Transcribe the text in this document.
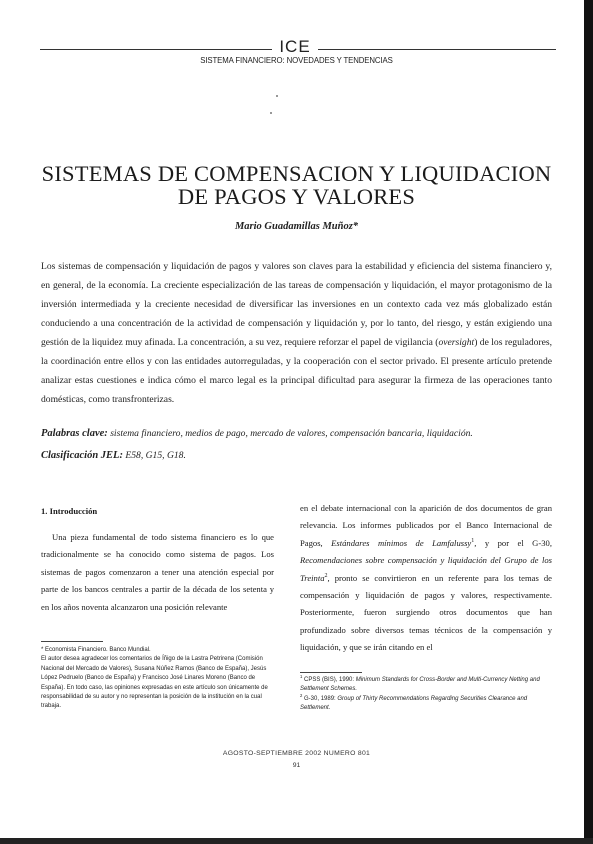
ICE
SISTEMA FINANCIERO: NOVEDADES Y TENDENCIAS
SISTEMAS DE COMPENSACION Y LIQUIDACION
DE PAGOS Y VALORES
Mario Guadamillas Muñoz*
Los sistemas de compensación y liquidación de pagos y valores son claves para la estabilidad y eficiencia del sistema financiero y, en general, de la economía. La creciente especialización de las tareas de compensación y liquidación, el mayor protagonismo de la inversión intermediada y la creciente necesidad de diversificar las inversiones en un contexto cada vez más globalizado están conduciendo a una concentración de la actividad de compensación y liquidación y, por lo tanto, del riesgo, y están exigiendo una gestión de la liquidez muy afinada. La concentración, a su vez, requiere reforzar el papel de vigilancia (oversight) de los reguladores, la coordinación entre ellos y con las entidades autorreguladas, y la cooperación con el sector privado. El presente artículo pretende analizar estas cuestiones e indica cómo el marco legal es la principal dificultad para asegurar la firmeza de las operaciones tanto domésticas, como transfronterizas.
Palabras clave: sistema financiero, medios de pago, mercado de valores, compensación bancaria, liquidación.
Clasificación JEL: E58, G15, G18.
1. Introducción

Una pieza fundamental de todo sistema financiero es lo que tradicionalmente se ha conocido como sistema de pagos. Los sistemas de pagos comenzaron a tener una atención especial por parte de los bancos centrales a partir de la década de los setenta y en los años noventa alcanzaron una posición relevante

en el debate internacional con la aparición de dos documentos de gran relevancia. Los informes publicados por el Banco Internacional de Pagos, Estándares mínimos de Lamfalussy$^1$, y por el G-30, Recomendaciones sobre compensación y liquidación del Grupo de los Treinta$^2$, pronto se convirtieron en un referente para los temas de compensación y liquidación de pagos y valores, respectivamente. Posteriormente, fueron surgiendo otros documentos que han profundizado sobre diversos temas técnicos de la compensación y liquidación, y que se irán citando en el

* Economista Financiero. Banco Mundial.

El autor desea agradecer los comentarios de Íñigo de la Lastra Petrirena (Comisión Nacional del Mercado de Valores), Susana Núñez Ramos (Banco de España), Jesús López Pedruelo (Banco de España) y Francisco José Linares Moreno (Banco de España). En todo caso, las opiniones expresadas en este artículo son únicamente de responsabilidad de su autor y no representan la posición de la institución en la cual trabaja.

$^1$ CPSS (BIS), 1990: Minimum Standards for Cross-Border and Multi-Currency Netting and Settlement Schemes.

$^2$ G-30, 1989: Group of Thirty Recommendations Regarding Securities Clearance and Settlement.

AGOSTO-SEPTIEMBRE 2002 NUMERO 801
91
